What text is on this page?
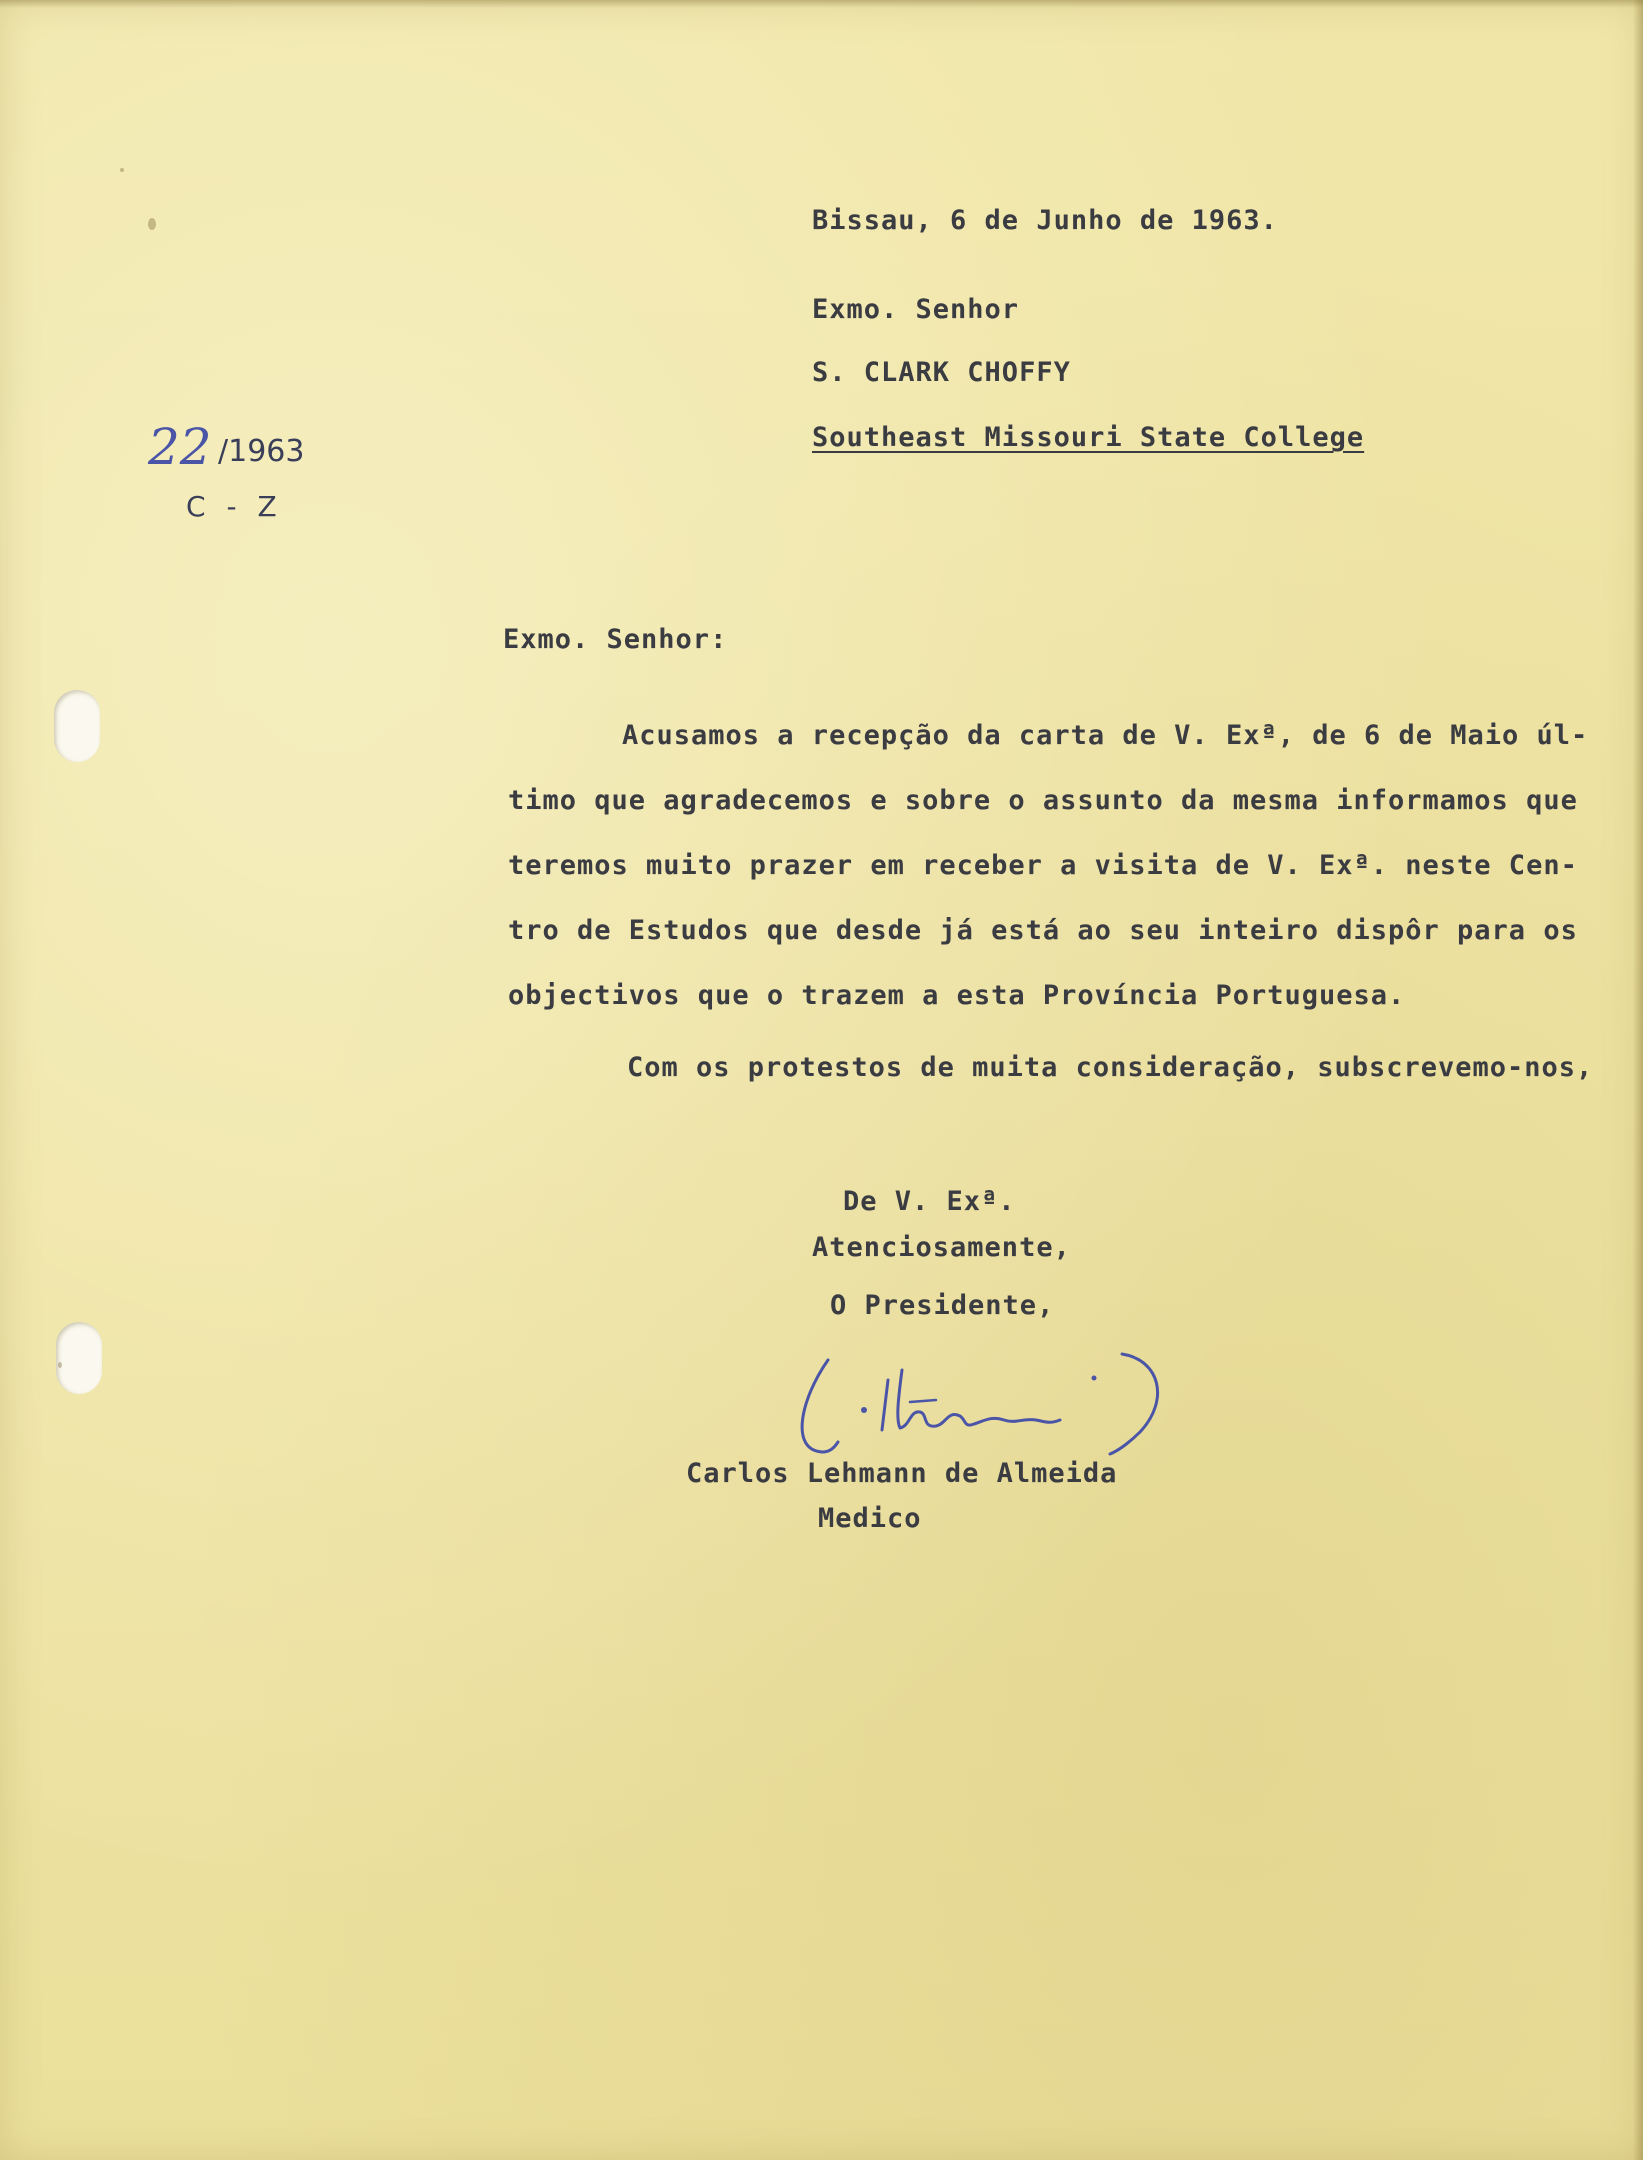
Bissau, 6 de Junho de 1963.
Exmo. Senhor
S. CLARK CHOFFY
Southeast Missouri State College
22 /1963
C - Z
Exmo. Senhor:
Acusamos a recepção da carta de V. Exª, de 6 de Maio úl-
timo que agradecemos e sobre o assunto da mesma informamos que
teremos muito prazer em receber a visita de V. Exª. neste Cen-
tro de Estudos que desde já está ao seu inteiro dispôr para os
objectivos que o trazem a esta Província Portuguesa.
Com os protestos de muita consideração, subscrevemo-nos,
De V. Exª.
Atenciosamente,
O Presidente,
Carlos Lehmann de Almeida
Medico
